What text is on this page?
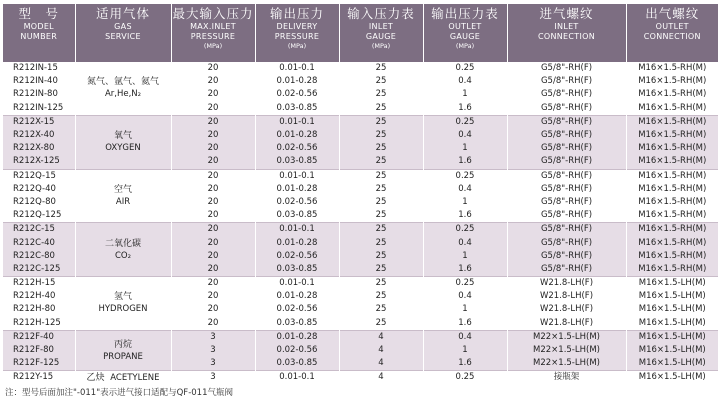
型　号
MODEL
NUMBER	适用气体
GAS
SERVICE	最大输入压力
MAX.INLET
PRESSURE
(MPa)	输出压力
DELIVERY
PRESSURE
(MPa)	输入压力表
INLET
GAUGE
(MPa)	输出压力表
OUTLET
GAUGE
(MPa)	进气螺纹
INLET
CONNECTION	出气螺纹
OUTLET
CONNECTION

R212IN-15	氮气、氩气、氦气
Ar,He,N₂	20	0.01-0.1	25	0.25	G5/8"-RH(F)	M16×1.5-RH(M)
R212IN-40		20	0.01-0.28	25	0.4	G5/8"-RH(F)	M16×1.5-RH(M)
R212IN-80		20	0.02-0.56	25	1	G5/8"-RH(F)	M16×1.5-RH(M)
R212IN-125		20	0.03-0.85	25	1.6	G5/8"-RH(F)	M16×1.5-RH(M)
R212X-15	氧气
OXYGEN	20	0.01-0.1	25	0.25	G5/8"-RH(F)	M16×1.5-RH(M)
R212X-40		20	0.01-0.28	25	0.4	G5/8"-RH(F)	M16×1.5-RH(M)
R212X-80		20	0.02-0.56	25	1	G5/8"-RH(F)	M16×1.5-RH(M)
R212X-125		20	0.03-0.85	25	1.6	G5/8"-RH(F)	M16×1.5-RH(M)
R212Q-15	空气
AIR	20	0.01-0.1	25	0.25	G5/8"-RH(F)	M16×1.5-RH(M)
R212Q-40		20	0.01-0.28	25	0.4	G5/8"-RH(F)	M16×1.5-RH(M)
R212Q-80		20	0.02-0.56	25	1	G5/8"-RH(F)	M16×1.5-RH(M)
R212Q-125		20	0.03-0.85	25	1.6	G5/8"-RH(F)	M16×1.5-RH(M)
R212C-15	二氧化碳
CO₂	20	0.01-0.1	25	0.25	G5/8"-RH(F)	M16×1.5-RH(M)
R212C-40		20	0.01-0.28	25	0.4	G5/8"-RH(F)	M16×1.5-RH(M)
R212C-80		20	0.02-0.56	25	1	G5/8"-RH(F)	M16×1.5-RH(M)
R212C-125		20	0.03-0.85	25	1.6	G5/8"-RH(F)	M16×1.5-RH(M)
R212H-15	氢气
HYDROGEN	20	0.01-0.1	25	0.25	W21.8-LH(F)	M16×1.5-LH(M)
R212H-40		20	0.01-0.28	25	0.4	W21.8-LH(F)	M16×1.5-LH(M)
R212H-80		20	0.02-0.56	25	1	W21.8-LH(F)	M16×1.5-LH(M)
R212H-125		20	0.03-0.85	25	1.6	W21.8-LH(F)	M16×1.5-LH(M)
R212F-40	丙烷
PROPANE	3	0.01-0.28	4	0.4	M22×1.5-LH(M)	M16×1.5-LH(M)
R212F-80		3	0.02-0.56	4	1	M22×1.5-LH(M)	M16×1.5-LH(M)
R212F-125		3	0.03-0.85	4	1.6	M22×1.5-LH(M)	M16×1.5-LH(M)
R212Y-15	乙炔 ACETYLENE	3	0.01-0.1	4	0.25	接瓶架	M16×1.5-LH(M)
注：型号后面加注"-011"表示进气接口适配与QF-011气瓶阀
